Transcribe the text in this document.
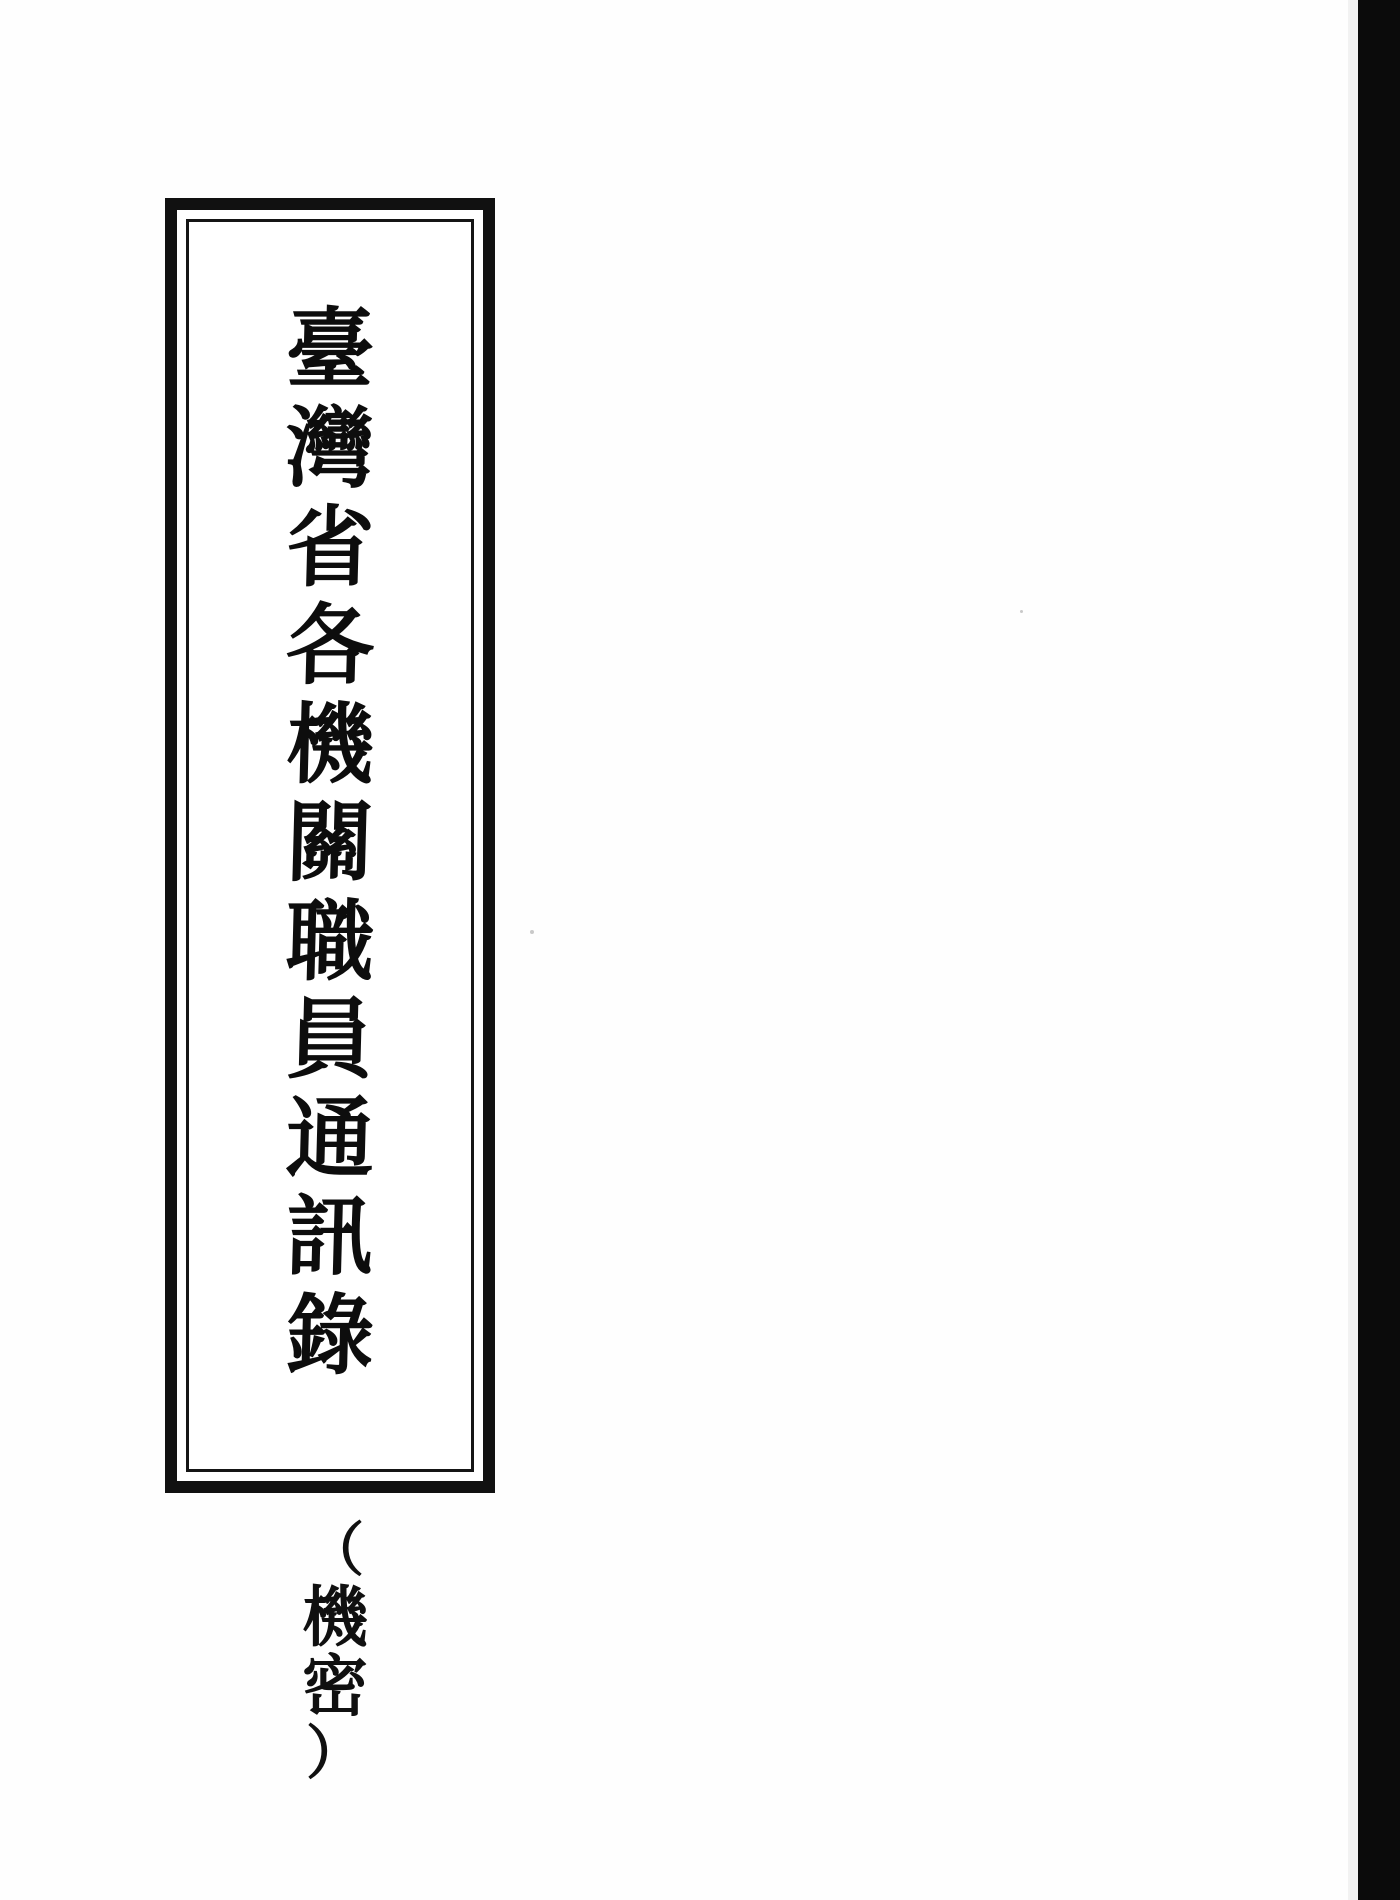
臺
灣
省
各
機
關
職
員
通
訊
錄
（
機
密
）
